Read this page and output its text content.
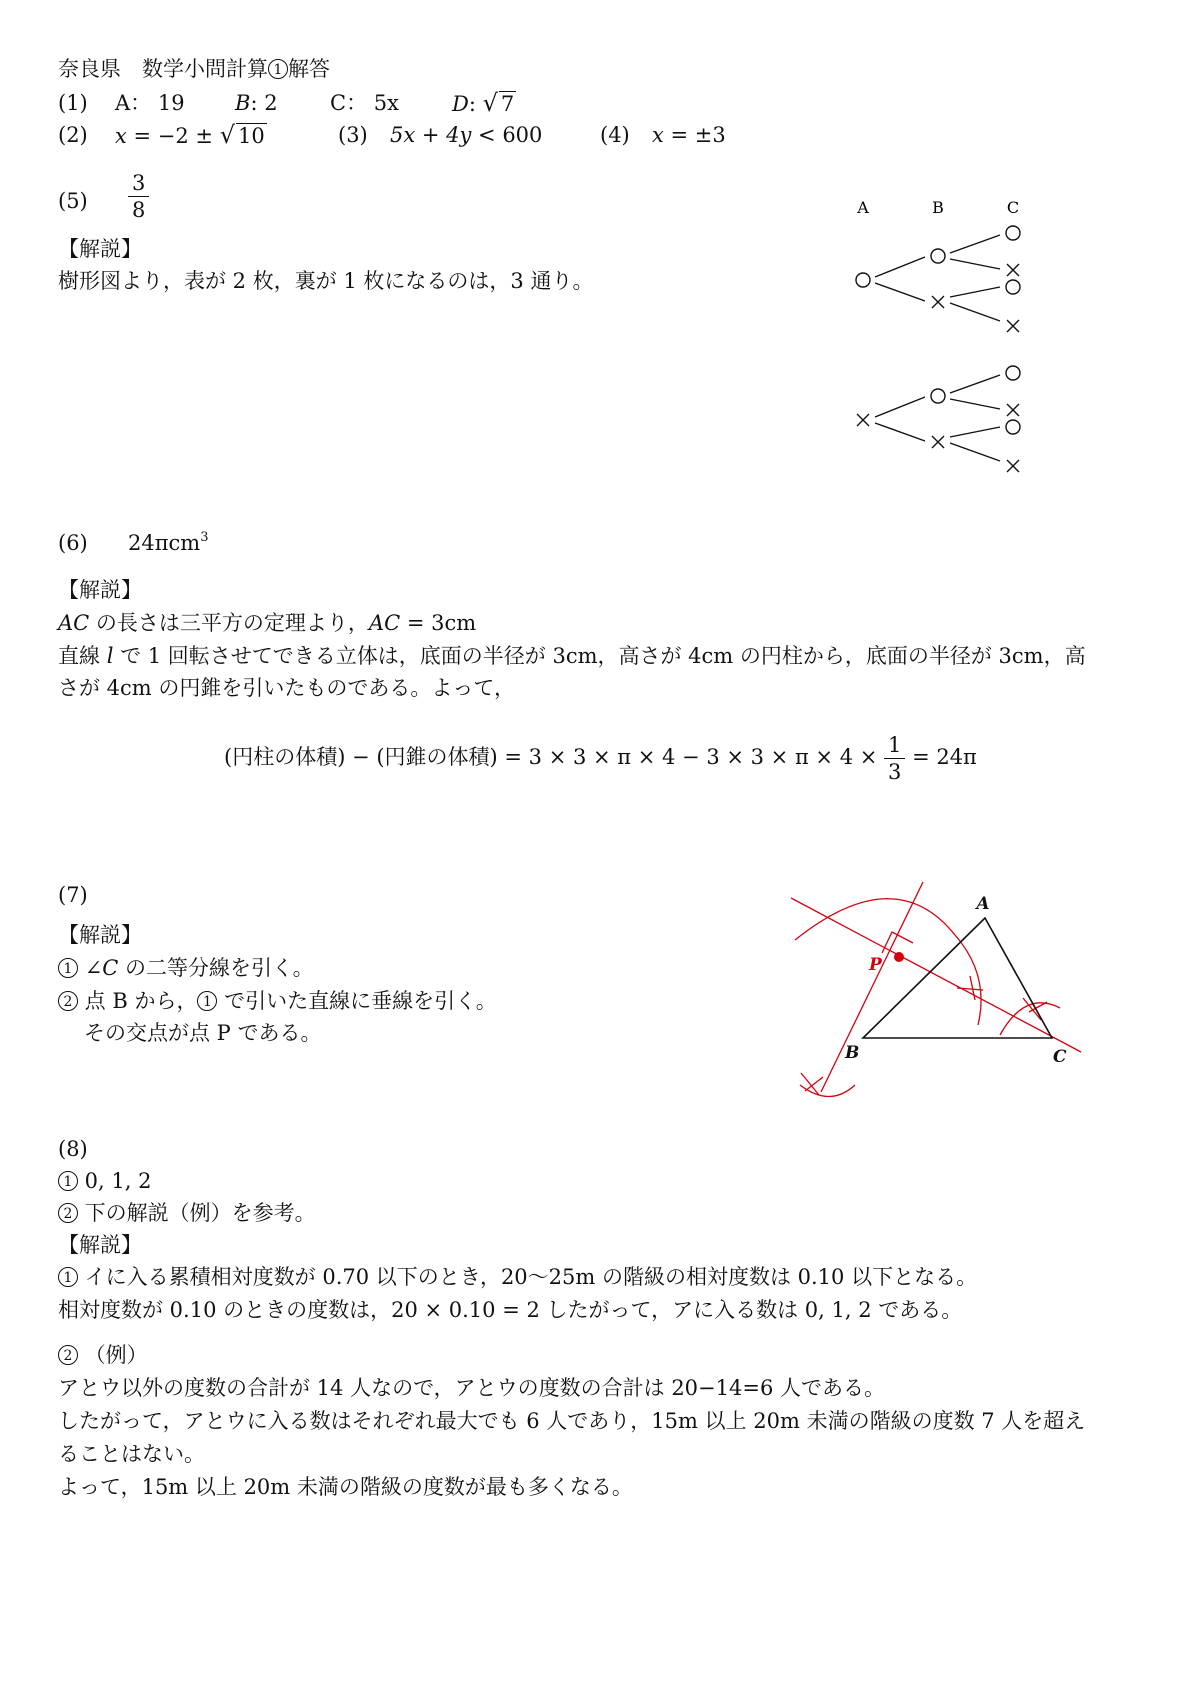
奈良県　数学小問計算 1 解答
(1) A： 19 B: 2 C： 5x	D: √ 7
(2) x = −2 ± √ 10	(3) 5x + 4y < 600	(4) x = ±3
$(5) \frac{3}{8}$
【解説】
樹形図より，表が 2 枚，裏が 1 枚になるのは，3 通り。
A	B	C
(6) 24πcm$^3$
【解説】
AC の長さは三平方の定理より，AC = 3cm
直線 l で 1 回転させてできる立体は，底面の半径が 3cm，高さが 4cm の円柱から，底面の半径が 3cm，高
さが 4cm の円錐を引いたものである。よって，
(円柱の体積) − (円錐の体積) = $3 \times 3 \times \pi \times 4 - 3 \times 3 \times \pi \times 4 \times \frac{1}{3} = 24\pi$
(7)
【解説】
1 ∠C の二等分線を引く。
2 点 B から， 1 で引いた直線に垂線を引く。
その交点が点 P である。
A
B	C
P
(8)
1 0, 1, 2
2 下の解説（例）を参考。
【解説】
1 イに入る累積相対度数が 0.70 以下のとき，20〜25m の階級の相対度数は 0.10 以下となる。
相対度数が 0.10 のときの度数は，20 × 0.10 = 2 したがって，アに入る数は 0, 1, 2 である。
2 （例）
アとウ以外の度数の合計が 14 人なので，アとウの度数の合計は 20−14=6 人である。
したがって，アとウに入る数はそれぞれ最大でも 6 人であり，15m 以上 20m 未満の階級の度数 7 人を超え
ることはない。
よって，15m 以上 20m 未満の階級の度数が最も多くなる。
